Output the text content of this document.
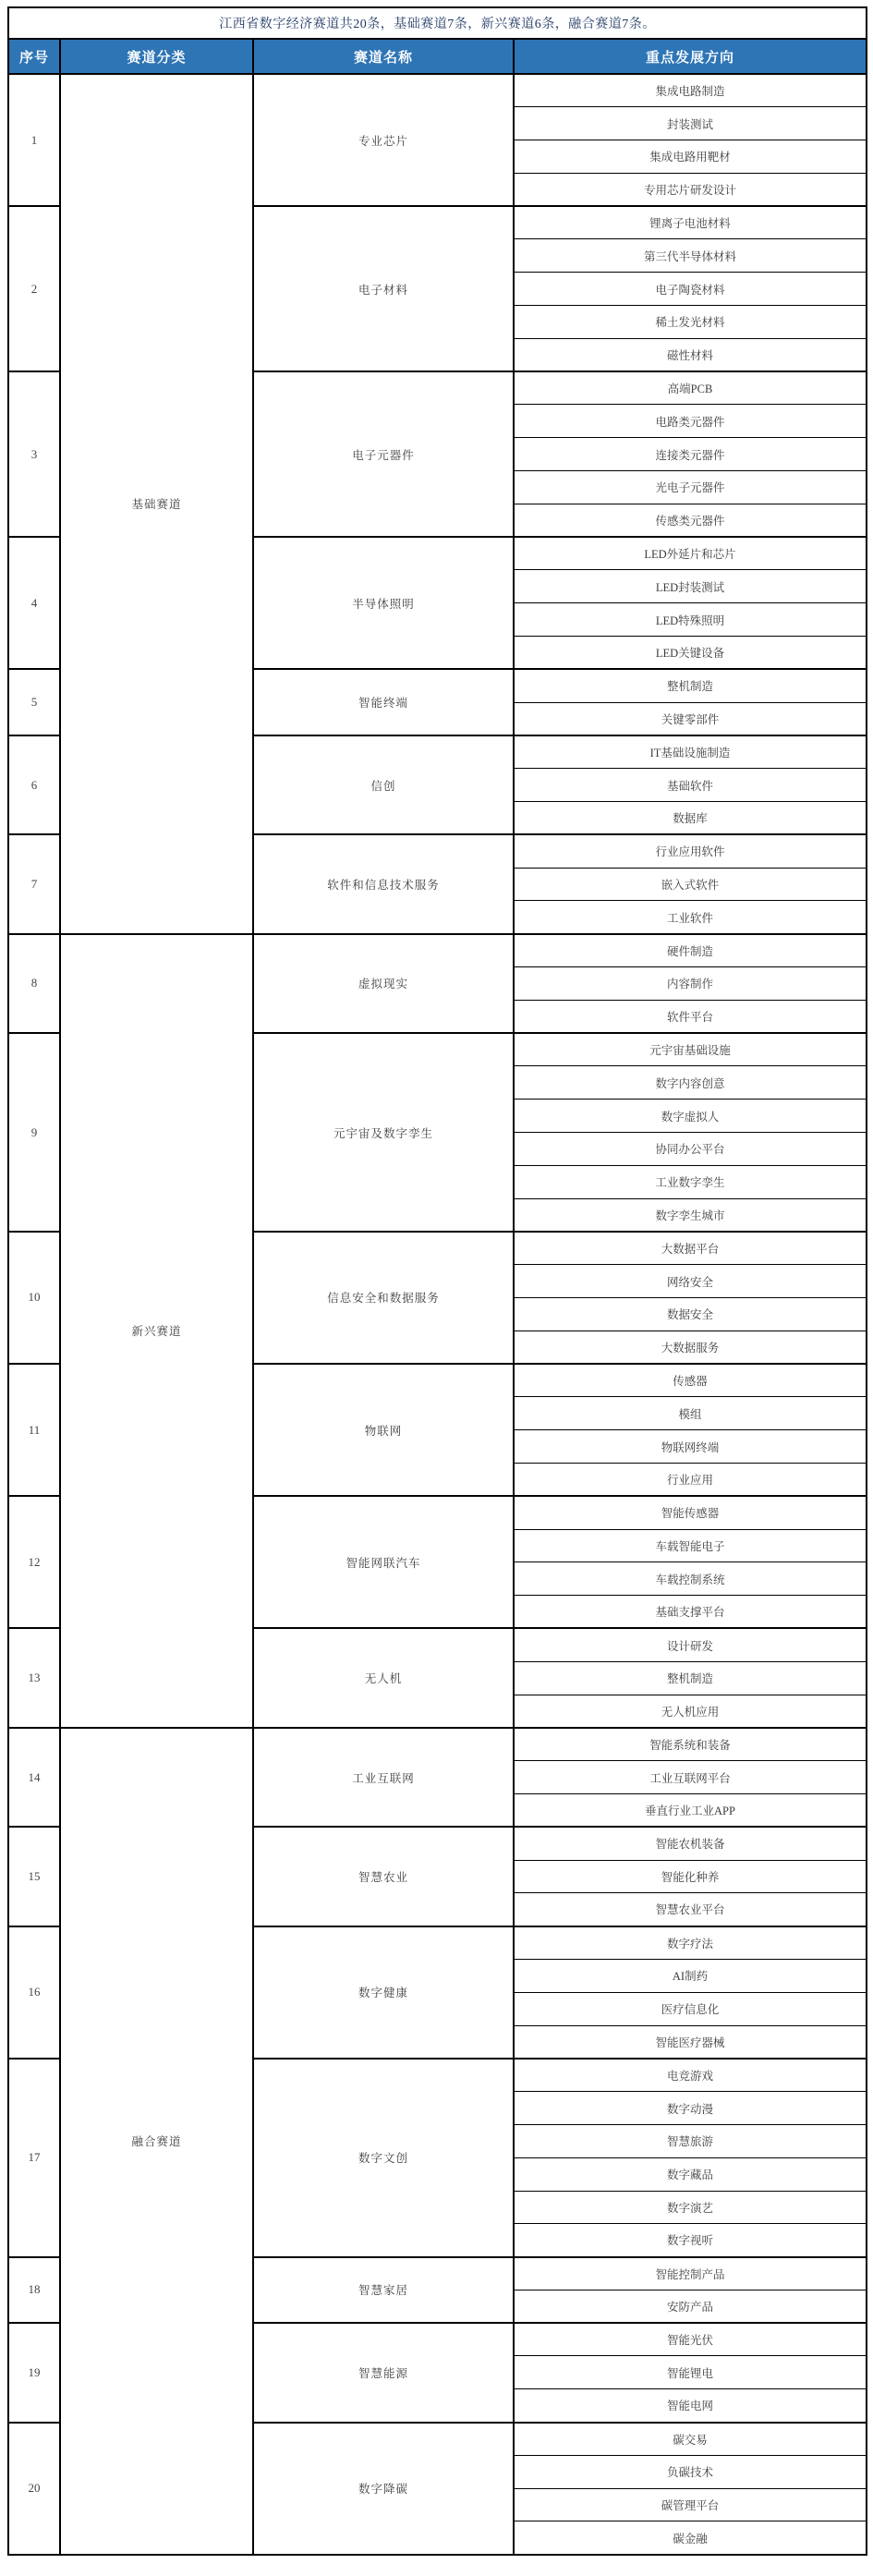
江西省数字经济赛道共20条，基础赛道7条，新兴赛道6条，融合赛道7条。			
序号	赛道分类	赛道名称	重点发展方向
1	基础赛道	专业芯片	集成电路制造
			封装测试
			集成电路用靶材
			专用芯片研发设计
2		电子材料	锂离子电池材料
			第三代半导体材料
			电子陶瓷材料
			稀土发光材料
			磁性材料
3		电子元器件	高端PCB
			电路类元器件
			连接类元器件
			光电子元器件
			传感类元器件
4		半导体照明	LED外延片和芯片
			LED封装测试
			LED特殊照明
			LED关键设备
5		智能终端	整机制造
			关键零部件
6		信创	IT基础设施制造
			基础软件
			数据库
7		软件和信息技术服务	行业应用软件
			嵌入式软件
			工业软件
8	新兴赛道	虚拟现实	硬件制造
			内容制作
			软件平台
9		元宇宙及数字孪生	元宇宙基础设施
			数字内容创意
			数字虚拟人
			协同办公平台
			工业数字孪生
			数字孪生城市
10		信息安全和数据服务	大数据平台
			网络安全
			数据安全
			大数据服务
11		物联网	传感器
			模组
			物联网终端
			行业应用
12		智能网联汽车	智能传感器
			车载智能电子
			车载控制系统
			基础支撑平台
13		无人机	设计研发
			整机制造
			无人机应用
14	融合赛道	工业互联网	智能系统和装备
			工业互联网平台
			垂直行业工业APP
15		智慧农业	智能农机装备
			智能化种养
			智慧农业平台
16		数字健康	数字疗法
			AI制药
			医疗信息化
			智能医疗器械
17		数字文创	电竞游戏
			数字动漫
			智慧旅游
			数字藏品
			数字演艺
			数字视听
18		智慧家居	智能控制产品
			安防产品
19		智慧能源	智能光伏
			智能锂电
			智能电网
20		数字降碳	碳交易
			负碳技术
			碳管理平台
			碳金融
